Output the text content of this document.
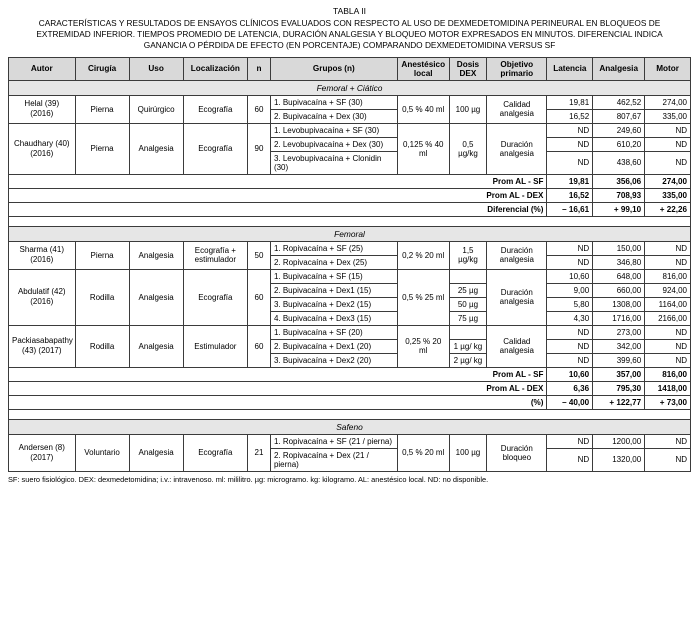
TABLA II
CARACTERÍSTICAS Y RESULTADOS DE ENSAYOS CLÍNICOS EVALUADOS CON RESPECTO AL USO DE DEXMEDETOMIDINA PERINEURAL EN BLOQUEOS DE EXTREMIDAD INFERIOR. TIEMPOS PROMEDIO DE LATENCIA, DURACIÓN ANALGESIA Y BLOQUEO MOTOR EXPRESADOS EN MINUTOS. DIFERENCIAL INDICA GANANCIA O PÉRDIDA DE EFECTO (EN PORCENTAJE) COMPARANDO DEXMEDETOMIDINA VERSUS SF
Autor	Cirugía	Uso	Localización	n	Grupos (n)	Anestésico local	Dosis DEX	Objetivo primario	Latencia	Analgesia	Motor
Femoral + Ciático											
Helal (39) (2016)	Pierna	Quirúrgico	Ecografía	60	1. Bupivacaína + SF (30)	0,5 % 40 ml	100 µg	Calidad analgesia	19,81	462,52	274,00
					2. Bupivacaína + Dex (30)				16,52	807,67	335,00
Chaudhary (40) (2016)	Pierna	Analgesia	Ecografía	90	1. Levobupivacaína + SF (30)	0,125 % 40 ml	0,5 µg/kg	Duración analgesia	ND	249,60	ND
					2. Levobupivacaína + Dex (30)				ND	610,20	ND
					3. Levobupivacaína + Clonidin (30)				ND	438,60	ND
Prom AL - SF									19,81	356,06	274,00
Prom AL - DEX									16,52	708,93	335,00
Diferencial (%)									– 16,61	+ 99,10	+ 22,26

Femoral											
Sharma (41) (2016)	Pierna	Analgesia	Ecografía + estimulador	50	1. Ropivacaína + SF (25)	0,2 % 20 ml	1,5 µg/kg	Duración analgesia	ND	150,00	ND
					2. Ropivacaína + Dex (25)				ND	346,80	ND
Abdulatif (42) (2016)	Rodilla	Analgesia	Ecografía	60	1. Bupivacaína + SF (15)	0,5 % 25 ml		Duración analgesia	10,60	648,00	816,00
					2. Bupivacaína + Dex1 (15)		25 µg		9,00	660,00	924,00
					3. Bupivacaína + Dex2 (15)		50 µg		5,80	1308,00	1164,00
					4. Bupivacaína + Dex3 (15)		75 µg		4,30	1716,00	2166,00
Packiasabapathy (43) (2017)	Rodilla	Analgesia	Estimulador	60	1. Bupivacaína + SF (20)	0,25 % 20 ml		Calidad analgesia	ND	273,00	ND
					2. Bupivacaína + Dex1 (20)		1 µg/ kg		ND	342,00	ND
					3. Bupivacaína + Dex2 (20)		2 µg/ kg		ND	399,60	ND
Prom AL - SF									10,60	357,00	816,00
Prom AL - DEX									6,36	795,30	1418,00
(%)									– 40,00	+ 122,77	+ 73,00

Safeno											
Andersen (8) (2017)	Voluntario	Analgesia	Ecografía	21	1. Ropivacaína + SF (21 / pierna)	0,5 % 20 ml	100 µg	Duración bloqueo	ND	1200,00	ND
					2. Ropivacaína + Dex (21 / pierna)				ND	1320,00	ND
SF: suero fisiológico. DEX: dexmedetomidina; i.v.: intravenoso. ml: mililitro. µg: microgramo. kg: kilogramo. AL: anestésico local. ND: no disponible.
